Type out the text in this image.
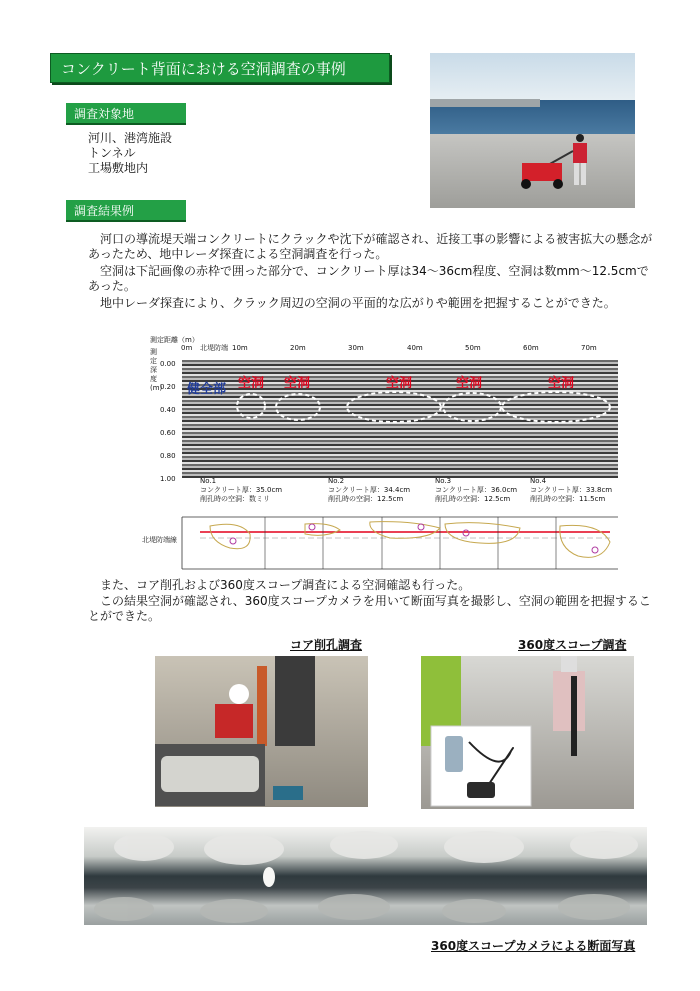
コンクリート背面における空洞調査の事例
調査対象地
河川、港湾施設
トンネル
工場敷地内
調査結果例
河口の導流堤天端コンクリートにクラックや沈下が確認され、近接工事の影響による被害拡大の懸念があったため、地中レーダ探査による空洞調査を行った。
空洞は下記画像の赤枠で囲った部分で、コンクリート厚は34～36cm程度、空洞は数mm～12.5cmであった。
地中レーダ探査により、クラック周辺の空洞の平面的な広がりや範囲を把握することができた。
測定距離（m）
北堤防端
0m	10m	20m	30m	40m	50m	60m	70m
測
定
深
度
(m)
0.00
0.20
0.40
0.60
0.80
1.00
健全部 空洞 空洞	空洞	空洞	空洞
No.1
コンクリート厚：35.0cm
削孔時の空洞：数ミリ
No.2
コンクリート厚：34.4cm
削孔時の空洞：12.5cm
No.3
コンクリート厚：36.0cm
削孔時の空洞：12.5cm
No.4
コンクリート厚：33.8cm
削孔時の空洞：11.5cm
北堤防端線
また、コア削孔および360度スコープ調査による空洞確認も行った。
この結果空洞が確認され、360度スコープカメラを用いて断面写真を撮影し、空洞の範囲を把握することができた。
コア削孔調査	360度スコープ調査
360度スコープカメラによる断面写真
